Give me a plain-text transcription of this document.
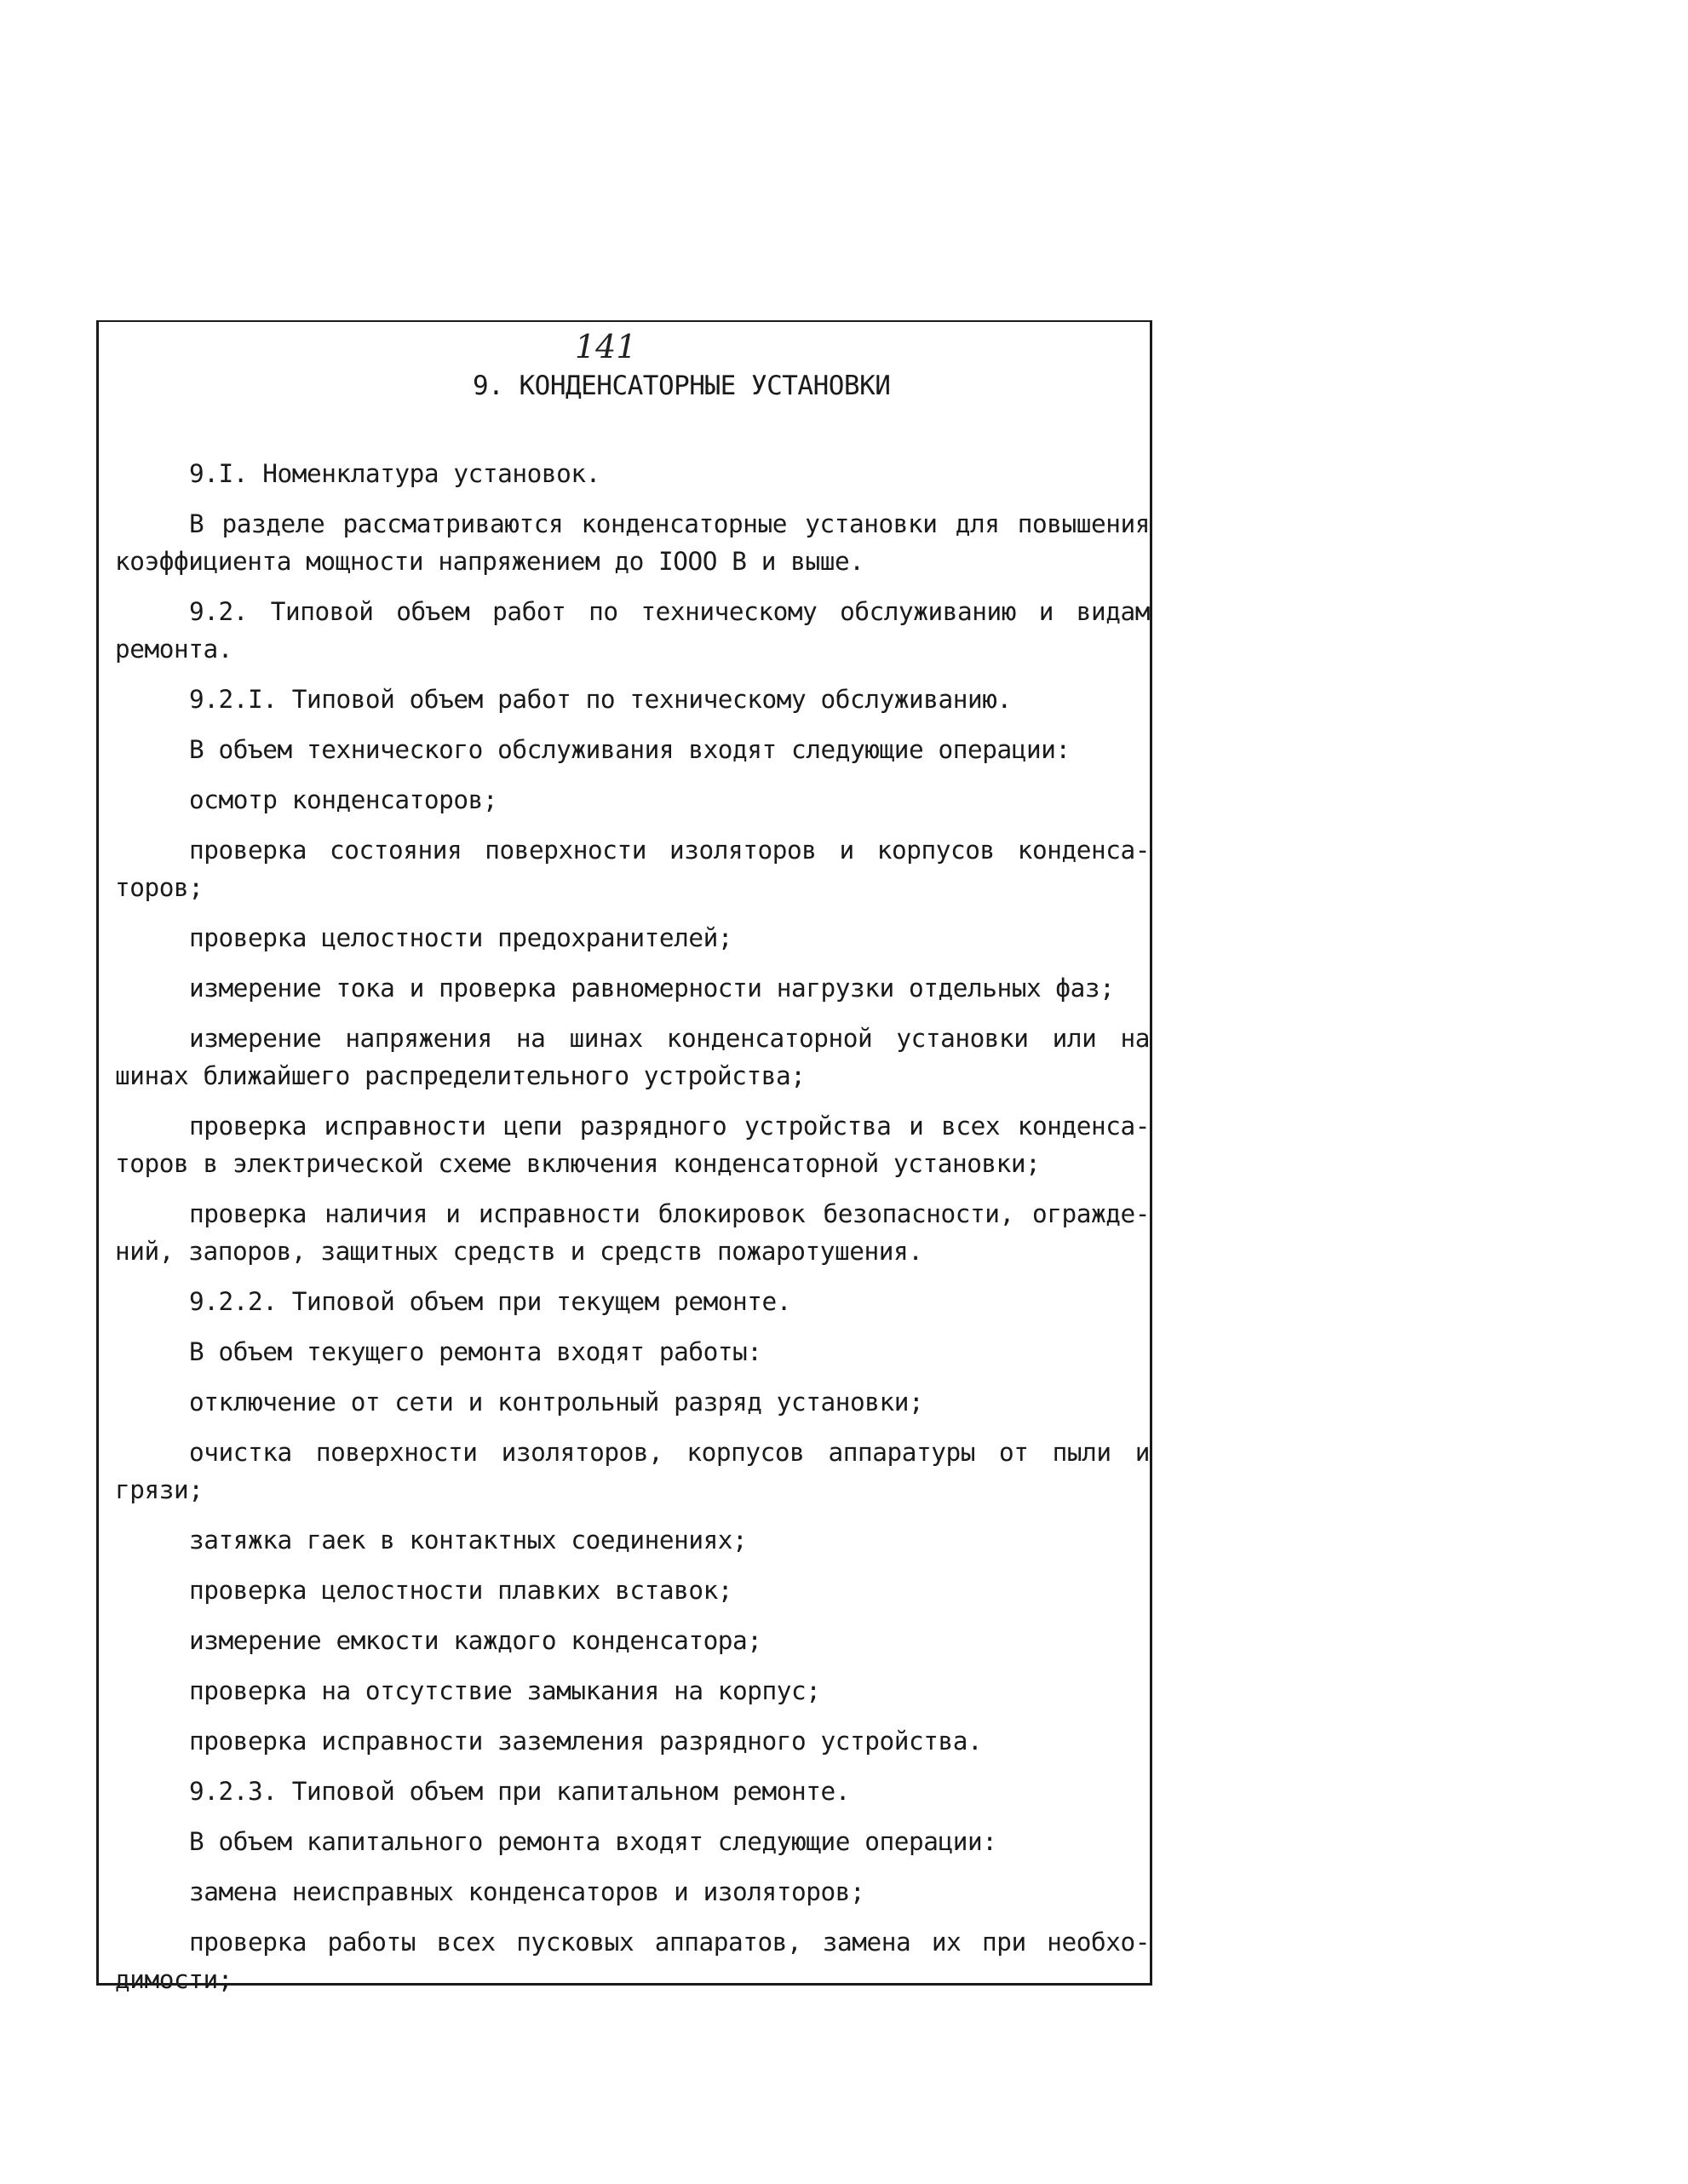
141
9. КОНДЕНСАТОРНЫЕ УСТАНОВКИ

9.I. Номенклатура установок.

В разделе рассматриваются конденсаторные установки для повышения коэффициента мощности напряжением до IOOO В и выше.

9.2. Типовой объем работ по техническому обслуживанию и видам ремонта.

9.2.I. Типовой объем работ по техническому обслуживанию.

В объем технического обслуживания входят следующие операции:

осмотр конденсаторов;

проверка состояния поверхности изоляторов и корпусов конденса-торов;

проверка целостности предохранителей;

измерение тока и проверка равномерности нагрузки отдельных фаз;

измерение напряжения на шинах конденсаторной установки или на шинах ближайшего распределительного устройства;

проверка исправности цепи разрядного устройства и всех конденса-торов в электрической схеме включения конденсаторной установки;

проверка наличия и исправности блокировок безопасности, огражде-ний, запоров, защитных средств и средств пожаротушения.

9.2.2. Типовой объем при текущем ремонте.

В объем текущего ремонта входят работы:

отключение от сети и контрольный разряд установки;

очистка поверхности изоляторов, корпусов аппаратуры от пыли и грязи;

затяжка гаек в контактных соединениях;

проверка целостности плавких вставок;

измерение емкости каждого конденсатора;

проверка на отсутствие замыкания на корпус;

проверка исправности заземления разрядного устройства.

9.2.3. Типовой объем при капитальном ремонте.

В объем капитального ремонта входят следующие операции:

замена неисправных конденсаторов и изоляторов;

проверка работы всех пусковых аппаратов, замена их при необхо-димости;
